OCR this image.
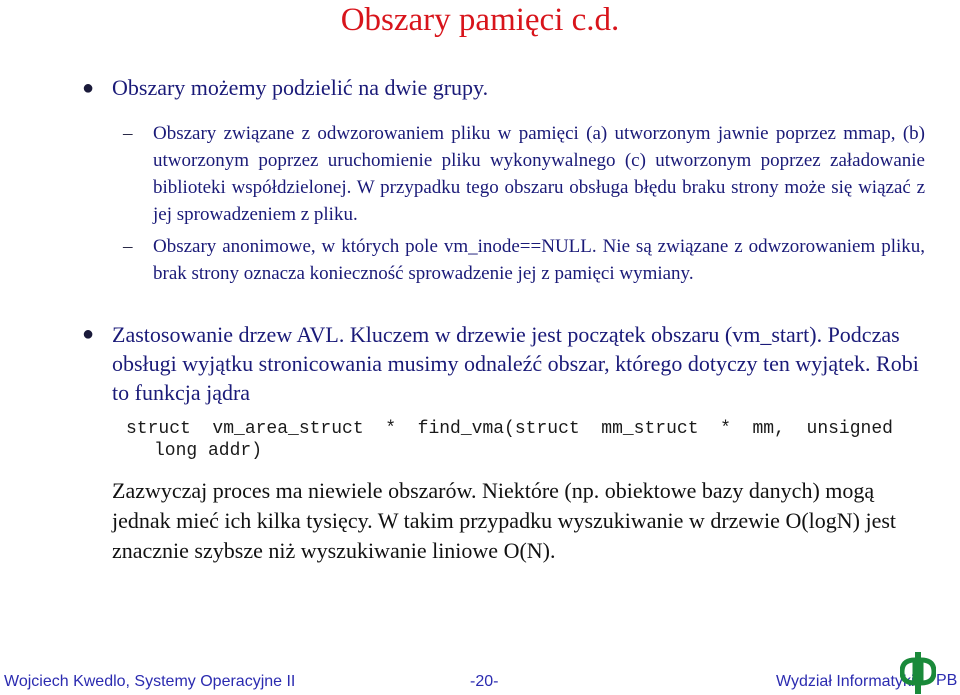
Obszary pamięci c.d.
● Obszary możemy podzielić na dwie grupy.
– Obszary związane z odwzorowaniem pliku w pamięci (a) utworzonym jawnie poprzez mmap, (b) utworzonym poprzez uruchomienie pliku wykonywalnego (c) utworzonym poprzez załadowanie biblioteki współdzielonej. W przypadku tego obszaru obsługa błędu braku strony może się wiązać z jej sprowadzeniem z pliku.
– Obszary anonimowe, w których pole vm_inode==NULL. Nie są związane z odwzorowaniem pliku, brak strony oznacza konieczność sprowadzenie jej z pamięci wymiany.
● Zastosowanie drzew AVL. Kluczem w drzewie jest początek obszaru (vm_start). Podczas obsługi wyjątku stronicowania musimy odnaleźć obszar, którego dotyczy ten wyjątek. Robi to funkcja jądra
struct  vm_area_struct  *  find_vma(struct  mm_struct  *  mm,  unsigned
long addr)
Zazwyczaj proces ma niewiele obszarów. Niektóre (np. obiektowe bazy danych) mogą jednak mieć ich kilka tysięcy. W takim przypadku wyszukiwanie w drzewie O(logN) jest znacznie szybsze niż wyszukiwanie liniowe O(N).
Wojciech Kwedlo, Systemy Operacyjne II	-20-	Wydział Informatyki PB
